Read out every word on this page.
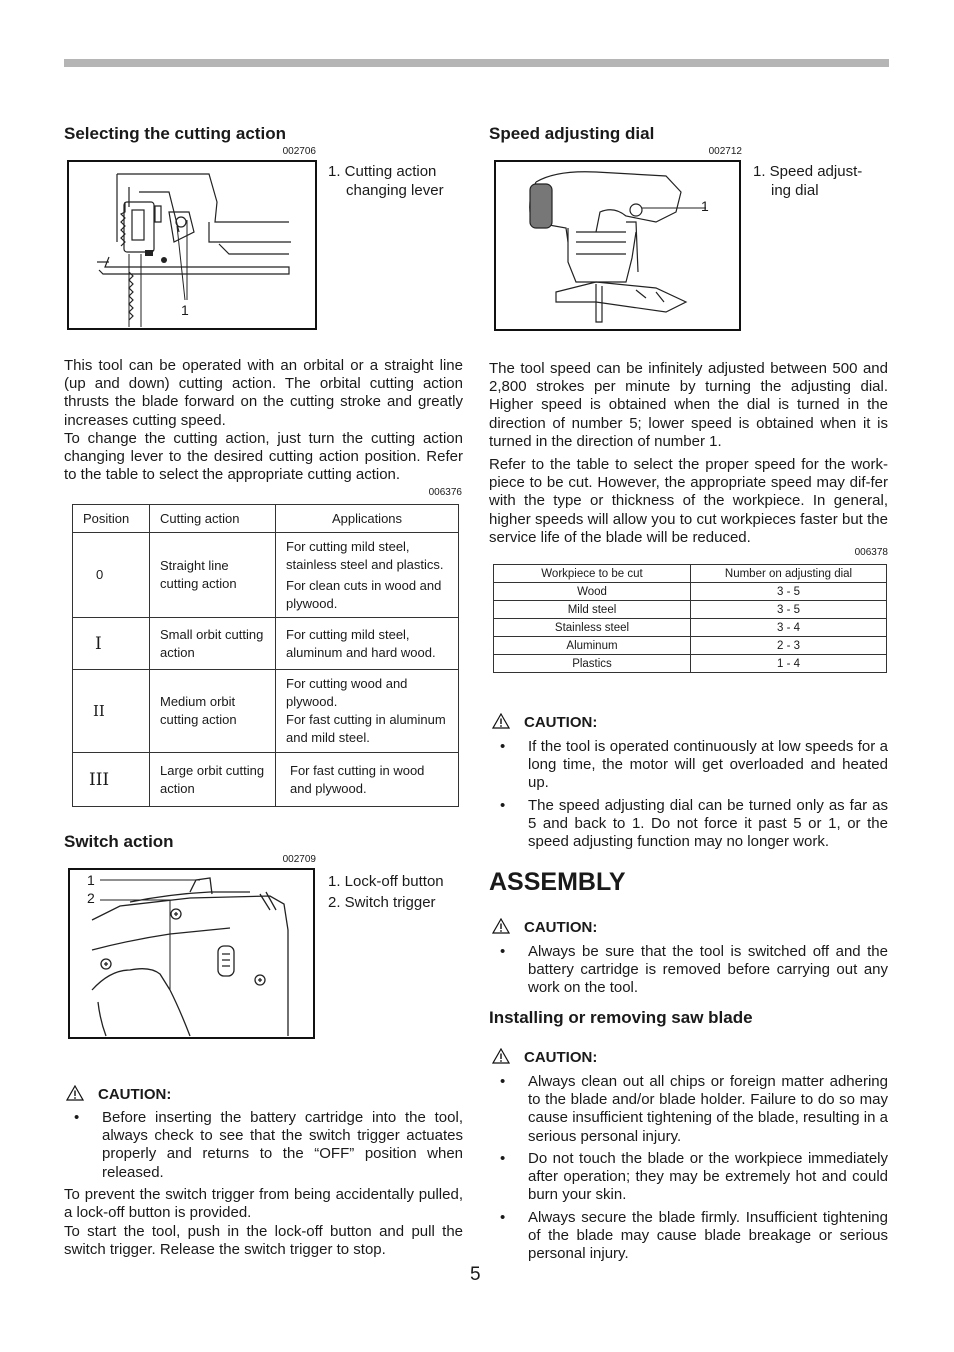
Selecting the cutting action
002706
1
1. Cutting action
changing lever
This tool can be operated with an orbital or a straight line (up and down) cutting action. The orbital cutting action thrusts the blade forward on the cutting stroke and greatly increases cutting speed.
To change the cutting action, just turn the cutting action changing lever to the desired cutting action position. Refer to the table to select the appropriate cutting action.
006376
Position	Cutting action	Applications
0	Straight line cutting action	For cutting mild steel, stainless steel and plastics.
For clean cuts in wood and plywood.

I	Small orbit cutting action	For cutting mild steel, aluminum and hard wood.
II	Medium orbit cutting action	For cutting wood and plywood.
For fast cutting in aluminum and mild steel.

III	Large orbit cutting action	For fast cutting in wood and plywood.
Switch action
002709
1
2
1. Lock-off button
2. Switch trigger
CAUTION:
• Before inserting the battery cartridge into the tool, always check to see that the switch trigger actuates properly and returns to the “OFF” position when released.
To prevent the switch trigger from being accidentally pulled, a lock-off button is provided.
To start the tool, push in the lock-off button and pull the switch trigger. Release the switch trigger to stop.
Speed adjusting dial
002712
1
1. Speed adjust-
ing dial
The tool speed can be infinitely adjusted between 500 and 2,800 strokes per minute by turning the adjusting dial. Higher speed is obtained when the dial is turned in the direction of number 5; lower speed is obtained when it is turned in the direction of number 1.
Refer to the table to select the proper speed for the work-piece to be cut. However, the appropriate speed may dif-fer with the type or thickness of the workpiece. In general, higher speeds will allow you to cut workpieces faster but the service life of the blade will be reduced.
006378
Workpiece to be cut	Number on adjusting dial
Wood	3 - 5
Mild steel	3 - 5
Stainless steel	3 - 4
Aluminum	2 - 3
Plastics	1 - 4
CAUTION:
• If the tool is operated continuously at low speeds for a long time, the motor will get overloaded and heated up.
• The speed adjusting dial can be turned only as far as 5 and back to 1. Do not force it past 5 or 1, or the speed adjusting function may no longer work.
ASSEMBLY
CAUTION:
• Always be sure that the tool is switched off and the battery cartridge is removed before carrying out any work on the tool.
Installing or removing saw blade
CAUTION:
• Always clean out all chips or foreign matter adhering to the blade and/or blade holder. Failure to do so may cause insufficient tightening of the blade, resulting in a serious personal injury.
• Do not touch the blade or the workpiece immediately after operation; they may be extremely hot and could burn your skin.
• Always secure the blade firmly. Insufficient tightening of the blade may cause blade breakage or serious personal injury.
5
